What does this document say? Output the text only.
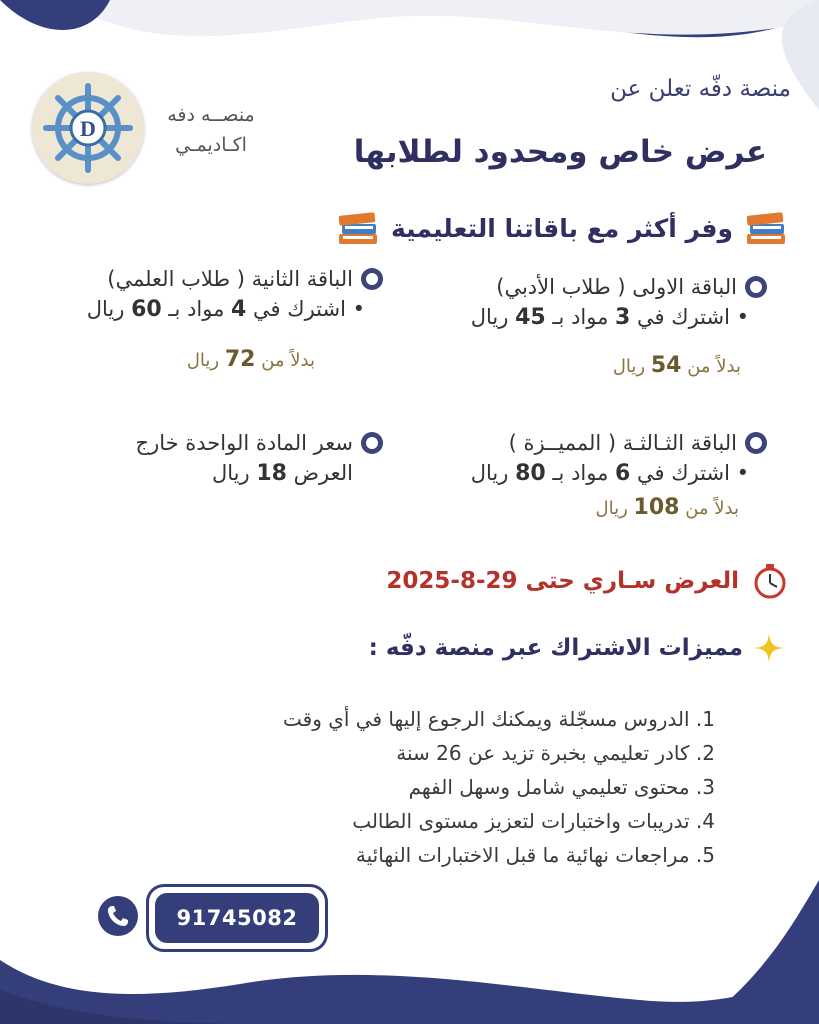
D
منصــه دفه
اكـاديمـي
منصة دفّه تعلن عن
عرض خاص ومحدود لطلابها
وفر أكثر مع باقاتنا التعليمية
الباقة الاولى ( طلاب الأدبي)
• اشترك في 3 مواد بـ 45 ريال
بدلاً من 54 ريال
الباقة الثانية ( طلاب العلمي)
• اشترك في 4 مواد بـ 60 ريال
بدلاً من 72 ريال
الباقة الثـالثـة ( المميــزة )
• اشترك في 6 مواد بـ 80 ريال
بدلاً من 108 ريال
سعر المادة الواحدة خارج
العرض 18 ريال
العرض سـاري حتى 29-8-2025
مميزات الاشتراك عبر منصة دفّه :
1. الدروس مسجّلة ويمكنك الرجوع إليها في أي وقت
2. كادر تعليمي بخبرة تزيد عن 26 سنة
3. محتوى تعليمي شامل وسهل الفهم
4. تدريبات واختبارات لتعزيز مستوى الطالب
5. مراجعات نهائية ما قبل الاختبارات النهائية
91745082
